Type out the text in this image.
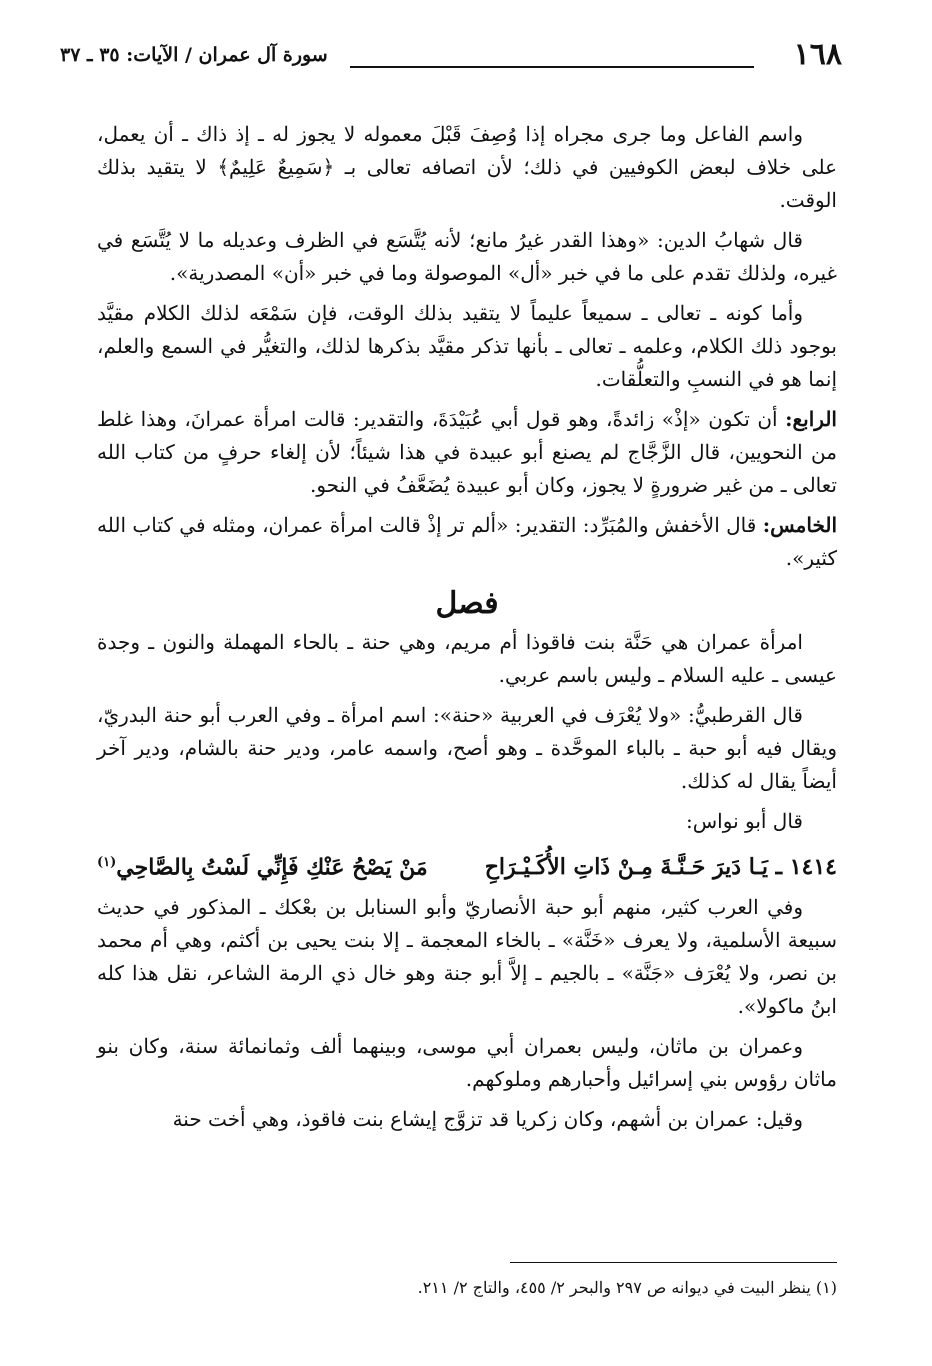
١٦٨
سورة آل عمران / الآيات: ٣٥ ـ ٣٧

واسم الفاعل وما جرى مجراه إذا وُصِفَ قَبْلَ معموله لا يجوز له ـ إذ ذاك ـ أن يعمل، على خلاف لبعض الكوفيين في ذلك؛ لأن اتصافه تعالى بـ ﴿سَمِيعٌ عَلِيمٌ﴾ لا يتقيد بذلك الوقت.

قال شهابُ الدين: «وهذا القدر غيرُ مانع؛ لأنه يُتَّسَع في الظرف وعديله ما لا يُتَّسَع في غيره، ولذلك تقدم على ما في خبر «أل» الموصولة وما في خبر «أن» المصدرية».

وأما كونه ـ تعالى ـ سميعاً عليماً لا يتقيد بذلك الوقت، فإن سَمْعَه لذلك الكلام مقيَّد بوجود ذلك الكلام، وعلمه ـ تعالى ـ بأنها تذكر مقيَّد بذكرها لذلك، والتغيُّر في السمع والعلم، إنما هو في النسبِ والتعلُّقات.

الرابع: أن تكون «إذْ» زائدةً، وهو قول أبي عُبَيْدَةَ، والتقدير: قالت امرأة عمرانَ، وهذا غلط من النحويين، قال الزَّجَّاج لم يصنع أبو عبيدة في هذا شيئاً؛ لأن إلغاء حرفٍ من كتاب الله تعالى ـ من غير ضرورةٍ لا يجوز، وكان أبو عبيدة يُضَعَّفُ في النحو.

الخامس: قال الأخفش والمُبَرِّد: التقدير: «ألم تر إذْ قالت امرأة عمران، ومثله في كتاب الله كثير».

فصل

امرأة عمران هي حَنَّة بنت فاقوذا أم مريم، وهي حنة ـ بالحاء المهملة والنون ـ وجدة عيسى ـ عليه السلام ـ وليس باسم عربي.

قال القرطبيُّ: «ولا يُعْرَف في العربية «حنة»: اسم امرأة ـ وفي العرب أبو حنة البدريّ، ويقال فيه أبو حبة ـ بالباء الموحَّدة ـ وهو أصح، واسمه عامر، ودير حنة بالشام، ودير آخر أيضاً يقال له كذلك.

قال أبو نواس:

١٤١٤ ـ يَـا دَيرَ حَـنَّـةَ مِـنْ ذَاتِ الأُكَـيْـرَاحِ
مَنْ يَصْحُ عَنْكِ فَإِنِّي لَسْتُ بِالصَّاحِي$^{(١)}$

وفي العرب كثير، منهم أبو حبة الأنصاريّ وأبو السنابل بن بعْكك ـ المذكور في حديث سبيعة الأسلمية، ولا يعرف «خَنَّة» ـ بالخاء المعجمة ـ إلا بنت يحيى بن أكثم، وهي أم محمد بن نصر، ولا يُعْرَف «جَنَّة» ـ بالجيم ـ إلاَّ أبو جنة وهو خال ذي الرمة الشاعر، نقل هذا كله ابنُ ماكولا».

وعمران بن ماثان، وليس بعمران أبي موسى، وبينهما ألف وثمانمائة سنة، وكان بنو ماثان رؤوس بني إسرائيل وأحبارهم وملوكهم.

وقيل: عمران بن أشهم، وكان زكريا قد تزوَّج إيشاع بنت فاقوذ، وهي أخت حنة

(١) ينظر البيت في ديوانه ص ٢٩٧ والبحر ٢/ ٤٥٥، والتاج ٢/ ٢١١.
